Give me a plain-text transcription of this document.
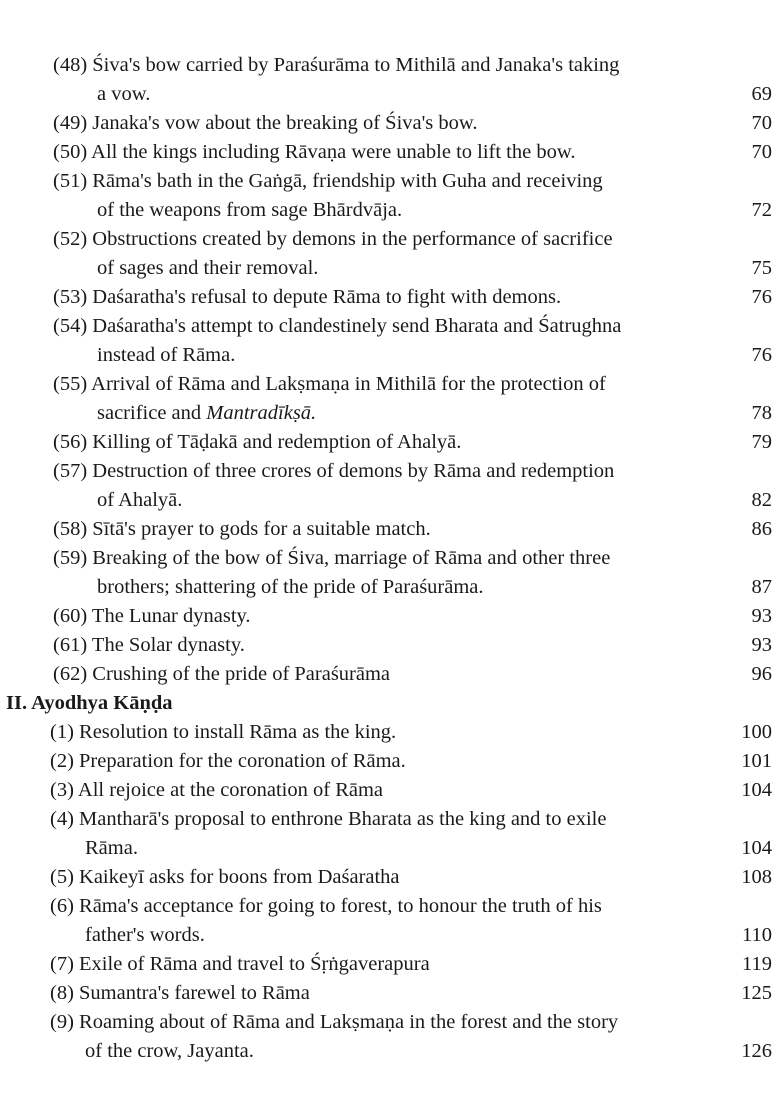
(48) Śiva's bow carried by Paraśurāma to Mithilā and Janaka's taking
a vow.	69
(49) Janaka's vow about the breaking of Śiva's bow.	70
(50) All the kings including Rāvaṇa were unable to lift the bow.	70
(51) Rāma's bath in the Gaṅgā, friendship with Guha and receiving
of the weapons from sage Bhārdvāja.	72
(52) Obstructions created by demons in the performance of sacrifice
of sages and their removal.	75
(53) Daśaratha's refusal to depute Rāma to fight with demons.	76
(54) Daśaratha's attempt to clandestinely send Bharata and Śatrughna
instead of Rāma.	76
(55) Arrival of Rāma and Lakṣmaṇa in Mithilā for the protection of
sacrifice and Mantradīkṣā.	78
(56) Killing of Tāḍakā and redemption of Ahalyā.	79
(57) Destruction of three crores of demons by Rāma and redemption
of Ahalyā.	82
(58) Sītā's prayer to gods for a suitable match.	86
(59) Breaking of the bow of Śiva, marriage of Rāma and other three
brothers; shattering of the pride of Paraśurāma.	87
(60) The Lunar dynasty.	93
(61) The Solar dynasty.	93
(62) Crushing of the pride of Paraśurāma	96
II. Ayodhya Kāṇḍa
(1) Resolution to install Rāma as the king.	100
(2) Preparation for the coronation of Rāma.	101
(3) All rejoice at the coronation of Rāma	104
(4) Mantharā's proposal to enthrone Bharata as the king and to exile
Rāma.	104
(5) Kaikeyī asks for boons from Daśaratha	108
(6) Rāma's acceptance for going to forest, to honour the truth of his
father's words.	110
(7) Exile of Rāma and travel to Śṛṅgaverapura	119
(8) Sumantra's farewel to Rāma	125
(9) Roaming about of Rāma and Lakṣmaṇa in the forest and the story
of the crow, Jayanta.	126
